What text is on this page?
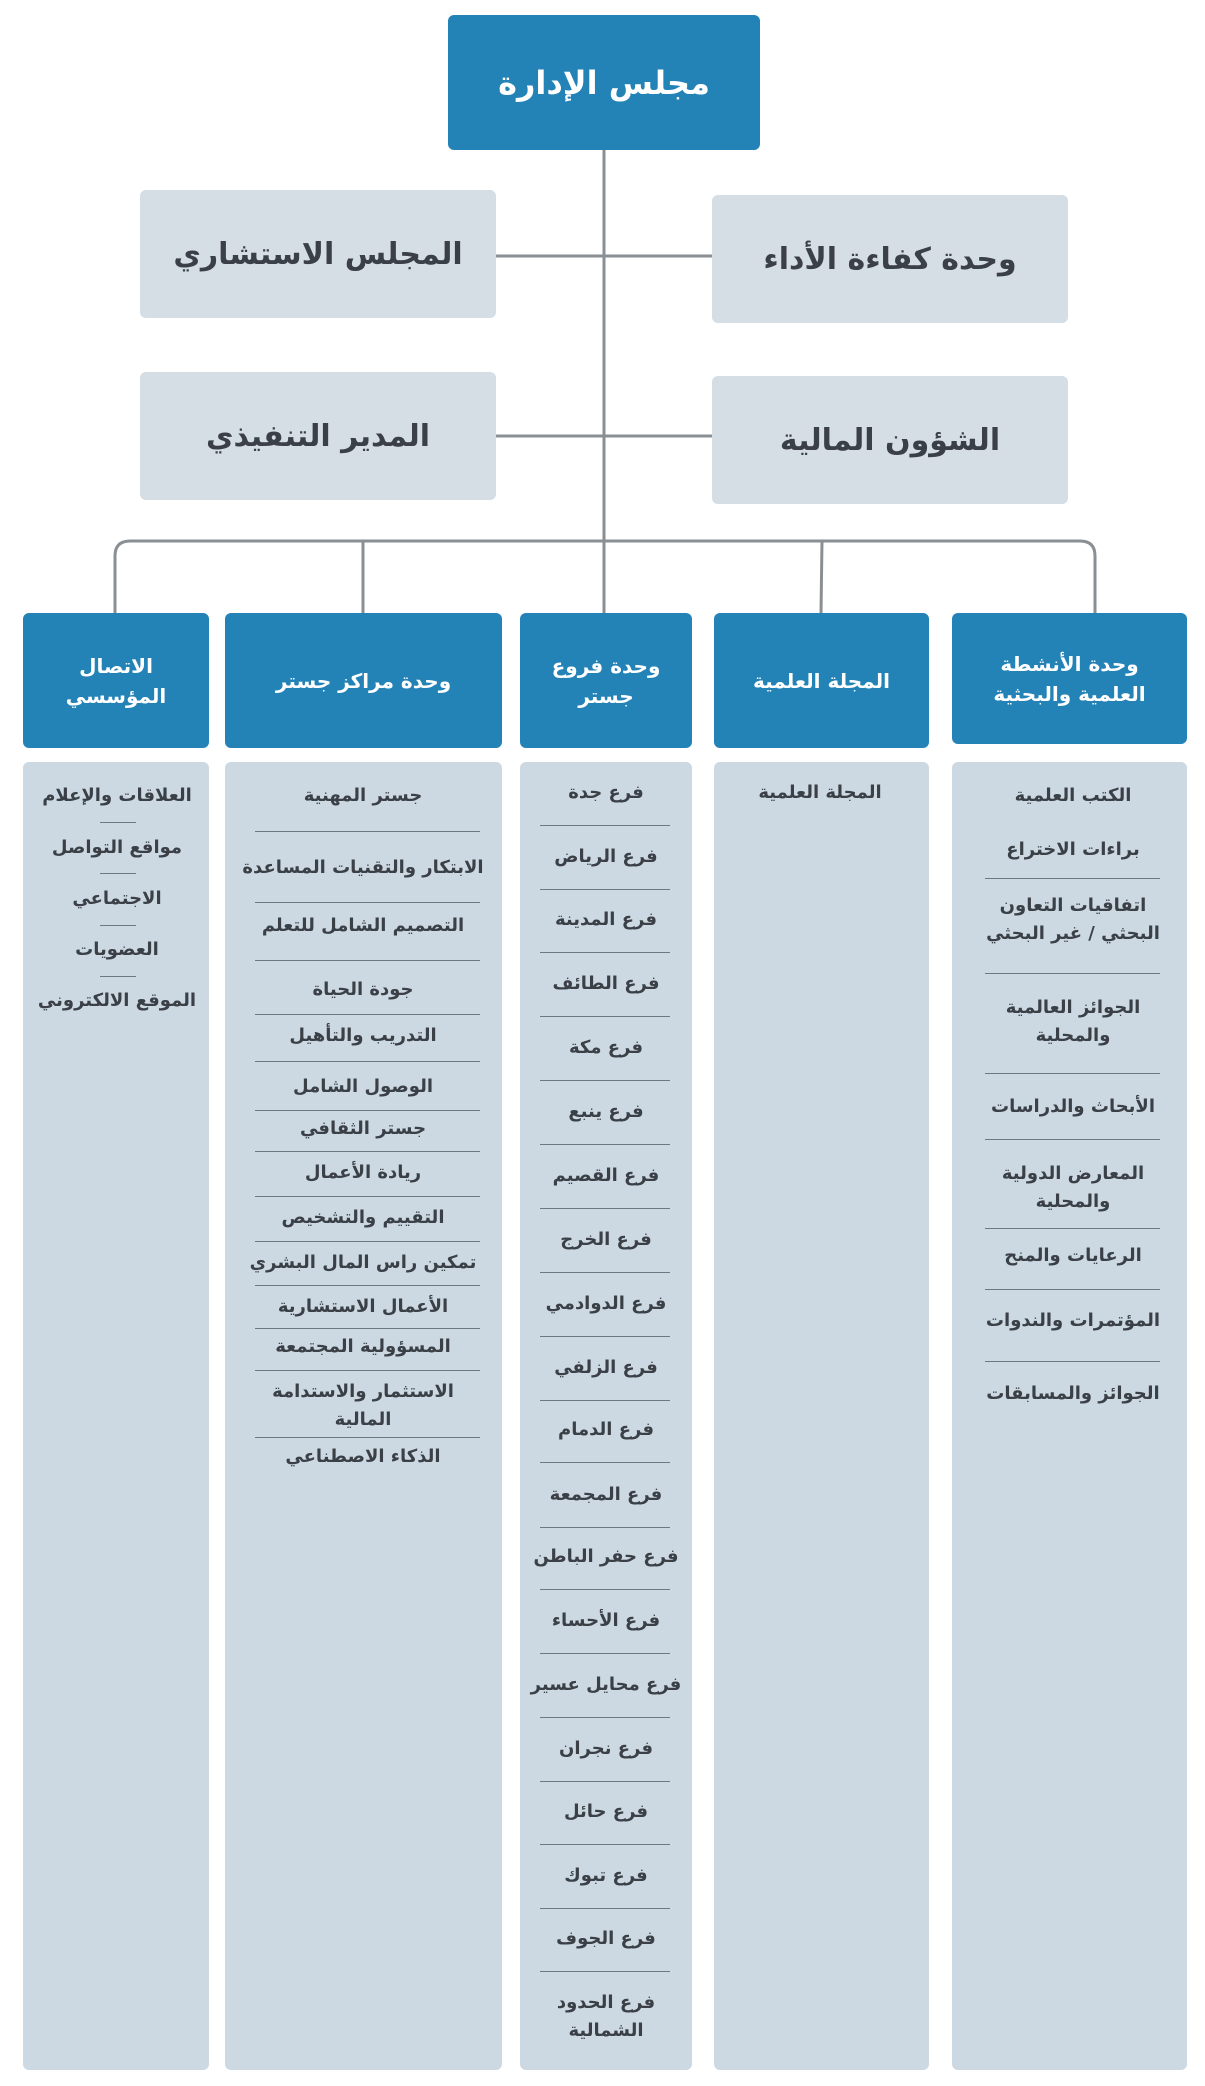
مجلس الإدارة
المجلس الاستشاري	وحدة كفاءة الأداء
المدير التنفيذي	الشؤون المالية
الاتصال
المؤسسي
وحدة مراكز جستر
وحدة فروع
جستر
المجلة العلمية
وحدة الأنشطة
العلمية والبحثية
العلاقات والإعلام
مواقع التواصل
الاجتماعي
العضويات
الموقع الالكتروني
جستر المهنية
الابتكار والتقنيات المساعدة
التصميم الشامل للتعلم
جودة الحياة
التدريب والتأهيل
الوصول الشامل
جستر الثقافي
ريادة الأعمال
التقييم والتشخيص
تمكين راس المال البشري
الأعمال الاستشارية
المسؤولية المجتمعة
الاستثمار والاستدامة
المالية
الذكاء الاصطناعي
فرع جدة
فرع الرياض
فرع المدينة
فرع الطائف
فرع مكة
فرع ينبع
فرع القصيم
فرع الخرج
فرع الدوادمي
فرع الزلفي
فرع الدمام
فرع المجمعة
فرع حفر الباطن
فرع الأحساء
فرع محايل عسير
فرع نجران
فرع حائل
فرع تبوك
فرع الجوف
فرع الحدود
الشمالية
المجلة العلمية	الكتب العلمية
براءات الاختراع
اتفاقيات التعاون
البحثي / غير البحثي
الجوائز العالمية
والمحلية
الأبحاث والدراسات
المعارض الدولية
والمحلية
الرعايات والمنح
المؤتمرات والندوات
الجوائز والمسابقات
